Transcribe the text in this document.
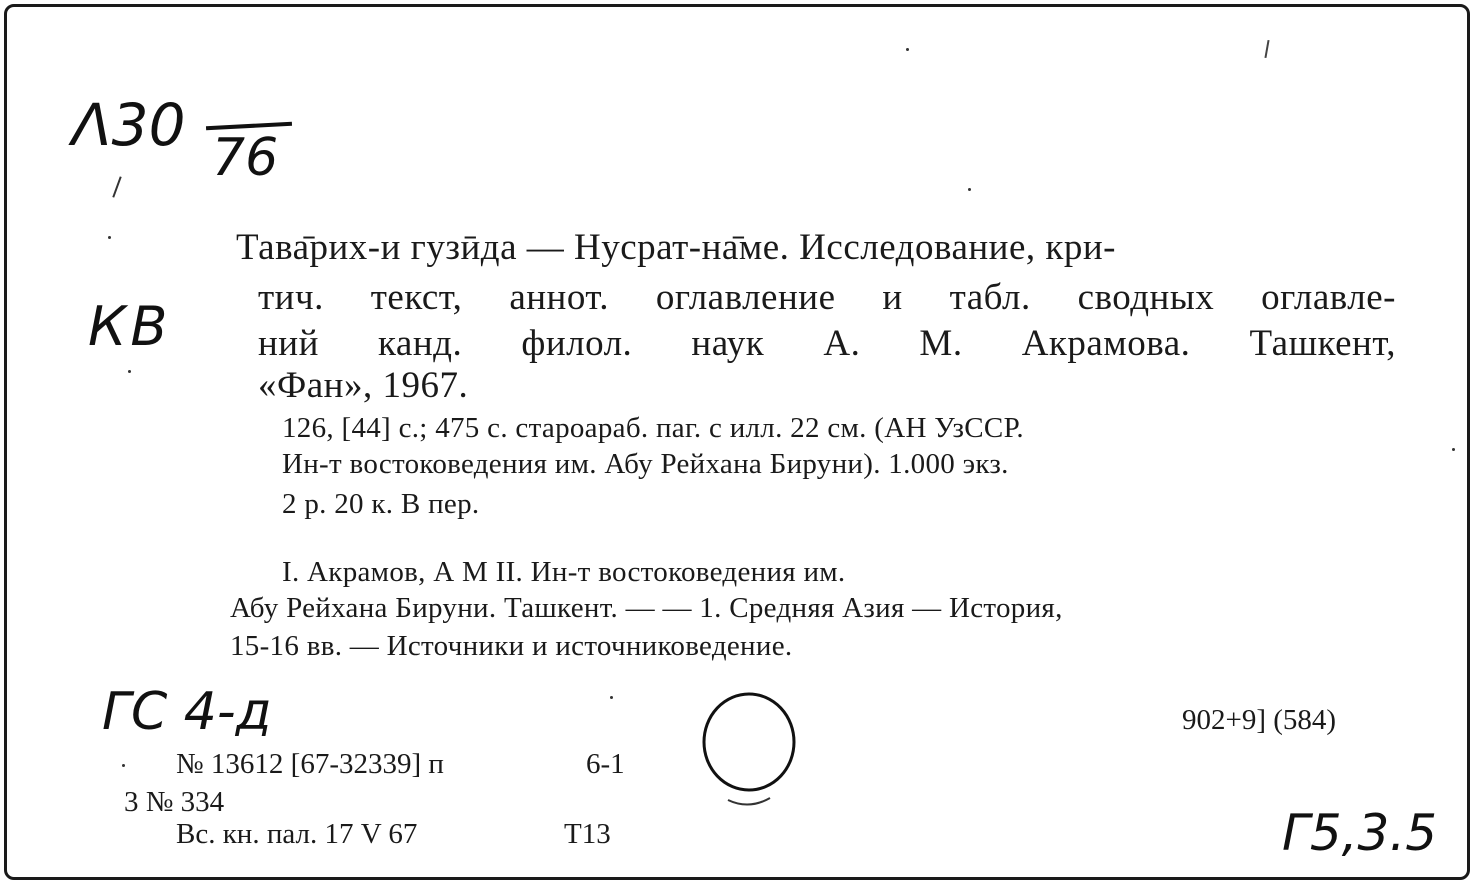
Λ30 76
КВ
Тава̄рих-и гузӣда — Нусрат-на̄ме. Исследование, кри-
тич. текст, аннот. оглавление и табл. сводных оглавле-
ний канд. филол. наук А. М. Акрамова. Ташкент,
«Фан», 1967.
126, [44] с.; 475 с. староараб. паг. с илл. 22 см. (АН УзССР.
Ин-т востоковедения им. Абу Рейхана Бируни). 1.000 экз.
2 р. 20 к. В пер.
I. Акрамов, А М II. Ин-т востоковедения им.
Абу Рейхана Бируни. Ташкент. — — 1. Средняя Азия — История,
15-16 вв. — Источники и источниковедение.
ГС 4-д	902+9] (584)
№ 13612 [67-32339] п	6-1
3 № 334
Вс. кн. пал. 17 V 67	Т13	Г5,3.5
